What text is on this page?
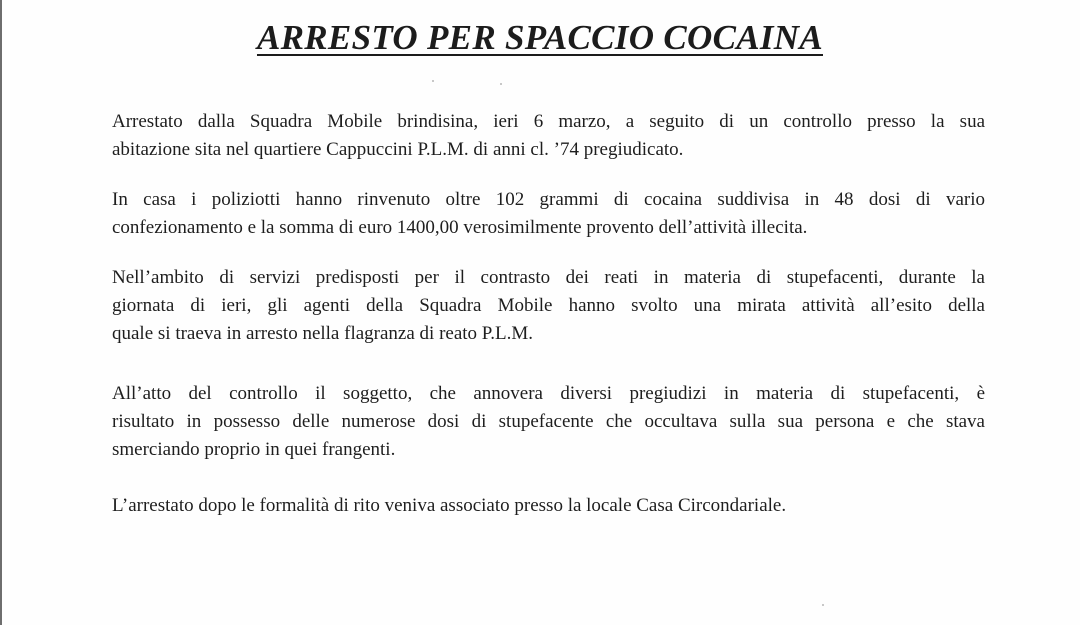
ARRESTO PER SPACCIO COCAINA
Arrestato dalla Squadra Mobile brindisina, ieri 6 marzo, a seguito di un controllo presso la sua
abitazione sita nel quartiere Cappuccini P.L.M. di anni cl. ’74 pregiudicato.
In casa i poliziotti hanno rinvenuto oltre 102 grammi di cocaina suddivisa in 48 dosi di vario
confezionamento e la somma di euro 1400,00 verosimilmente provento dell’attività illecita.
Nell’ambito di servizi predisposti per il contrasto dei reati in materia di stupefacenti, durante la
giornata di ieri, gli agenti della Squadra Mobile hanno svolto una mirata attività all’esito della
quale si traeva in arresto nella flagranza di reato P.L.M.
All’atto del controllo il soggetto, che annovera diversi pregiudizi in materia di stupefacenti, è
risultato in possesso delle numerose dosi di stupefacente che occultava sulla sua persona e che stava
smerciando proprio in quei frangenti.
L’arrestato dopo le formalità di rito veniva associato presso la locale Casa Circondariale.
